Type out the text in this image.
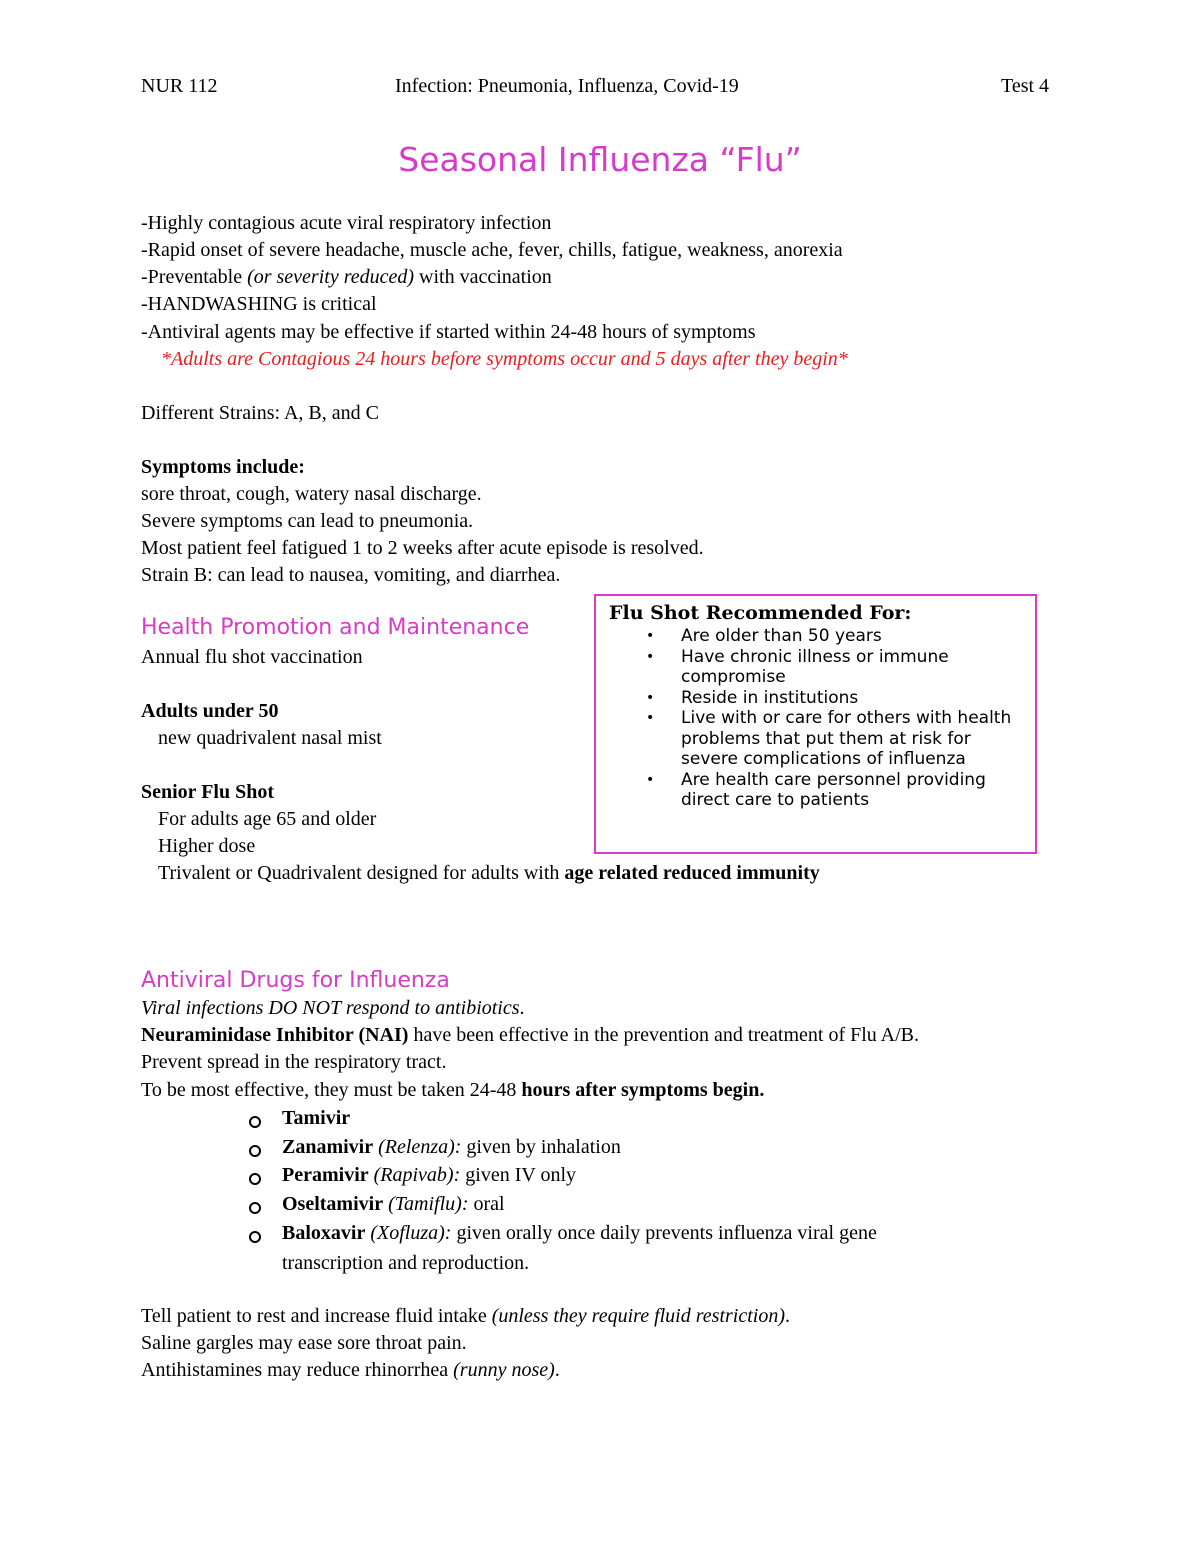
NUR 112	Infection: Pneumonia, Influenza, Covid-19	Test 4
Seasonal Influenza “Flu”
-Highly contagious acute viral respiratory infection
-Rapid onset of severe headache, muscle ache, fever, chills, fatigue, weakness, anorexia
-Preventable (or severity reduced) with vaccination
-HANDWASHING is critical
-Antiviral agents may be effective if started within 24-48 hours of symptoms
*Adults are Contagious 24 hours before symptoms occur and 5 days after they begin*
Different Strains: A, B, and C
Symptoms include:
sore throat, cough, watery nasal discharge.
Severe symptoms can lead to pneumonia.
Most patient feel fatigued 1 to 2 weeks after acute episode is resolved.
Strain B: can lead to nausea, vomiting, and diarrhea.
Health Promotion and Maintenance
Annual flu shot vaccination
Adults under 50
new quadrivalent nasal mist
Senior Flu Shot
For adults age 65 and older
Higher dose
Trivalent or Quadrivalent designed for adults with age related reduced immunity
Flu Shot Recommended For:
• Are older than 50 years
• Have chronic illness or immune compromise
• Reside in institutions
• Live with or care for others with health problems that put them at risk for severe complications of influenza
• Are health care personnel providing direct care to patients
Antiviral Drugs for Influenza
Viral infections DO NOT respond to antibiotics.
Neuraminidase Inhibitor (NAI) have been effective in the prevention and treatment of Flu A/B.
Prevent spread in the respiratory tract.
To be most effective, they must be taken 24-48 hours after symptoms begin.
Tamivir
Zanamivir (Relenza): given by inhalation
Peramivir (Rapivab): given IV only
Oseltamivir (Tamiflu): oral
Baloxavir (Xofluza): given orally once daily prevents influenza viral gene
transcription and reproduction.
Tell patient to rest and increase fluid intake (unless they require fluid restriction).
Saline gargles may ease sore throat pain.
Antihistamines may reduce rhinorrhea (runny nose).
